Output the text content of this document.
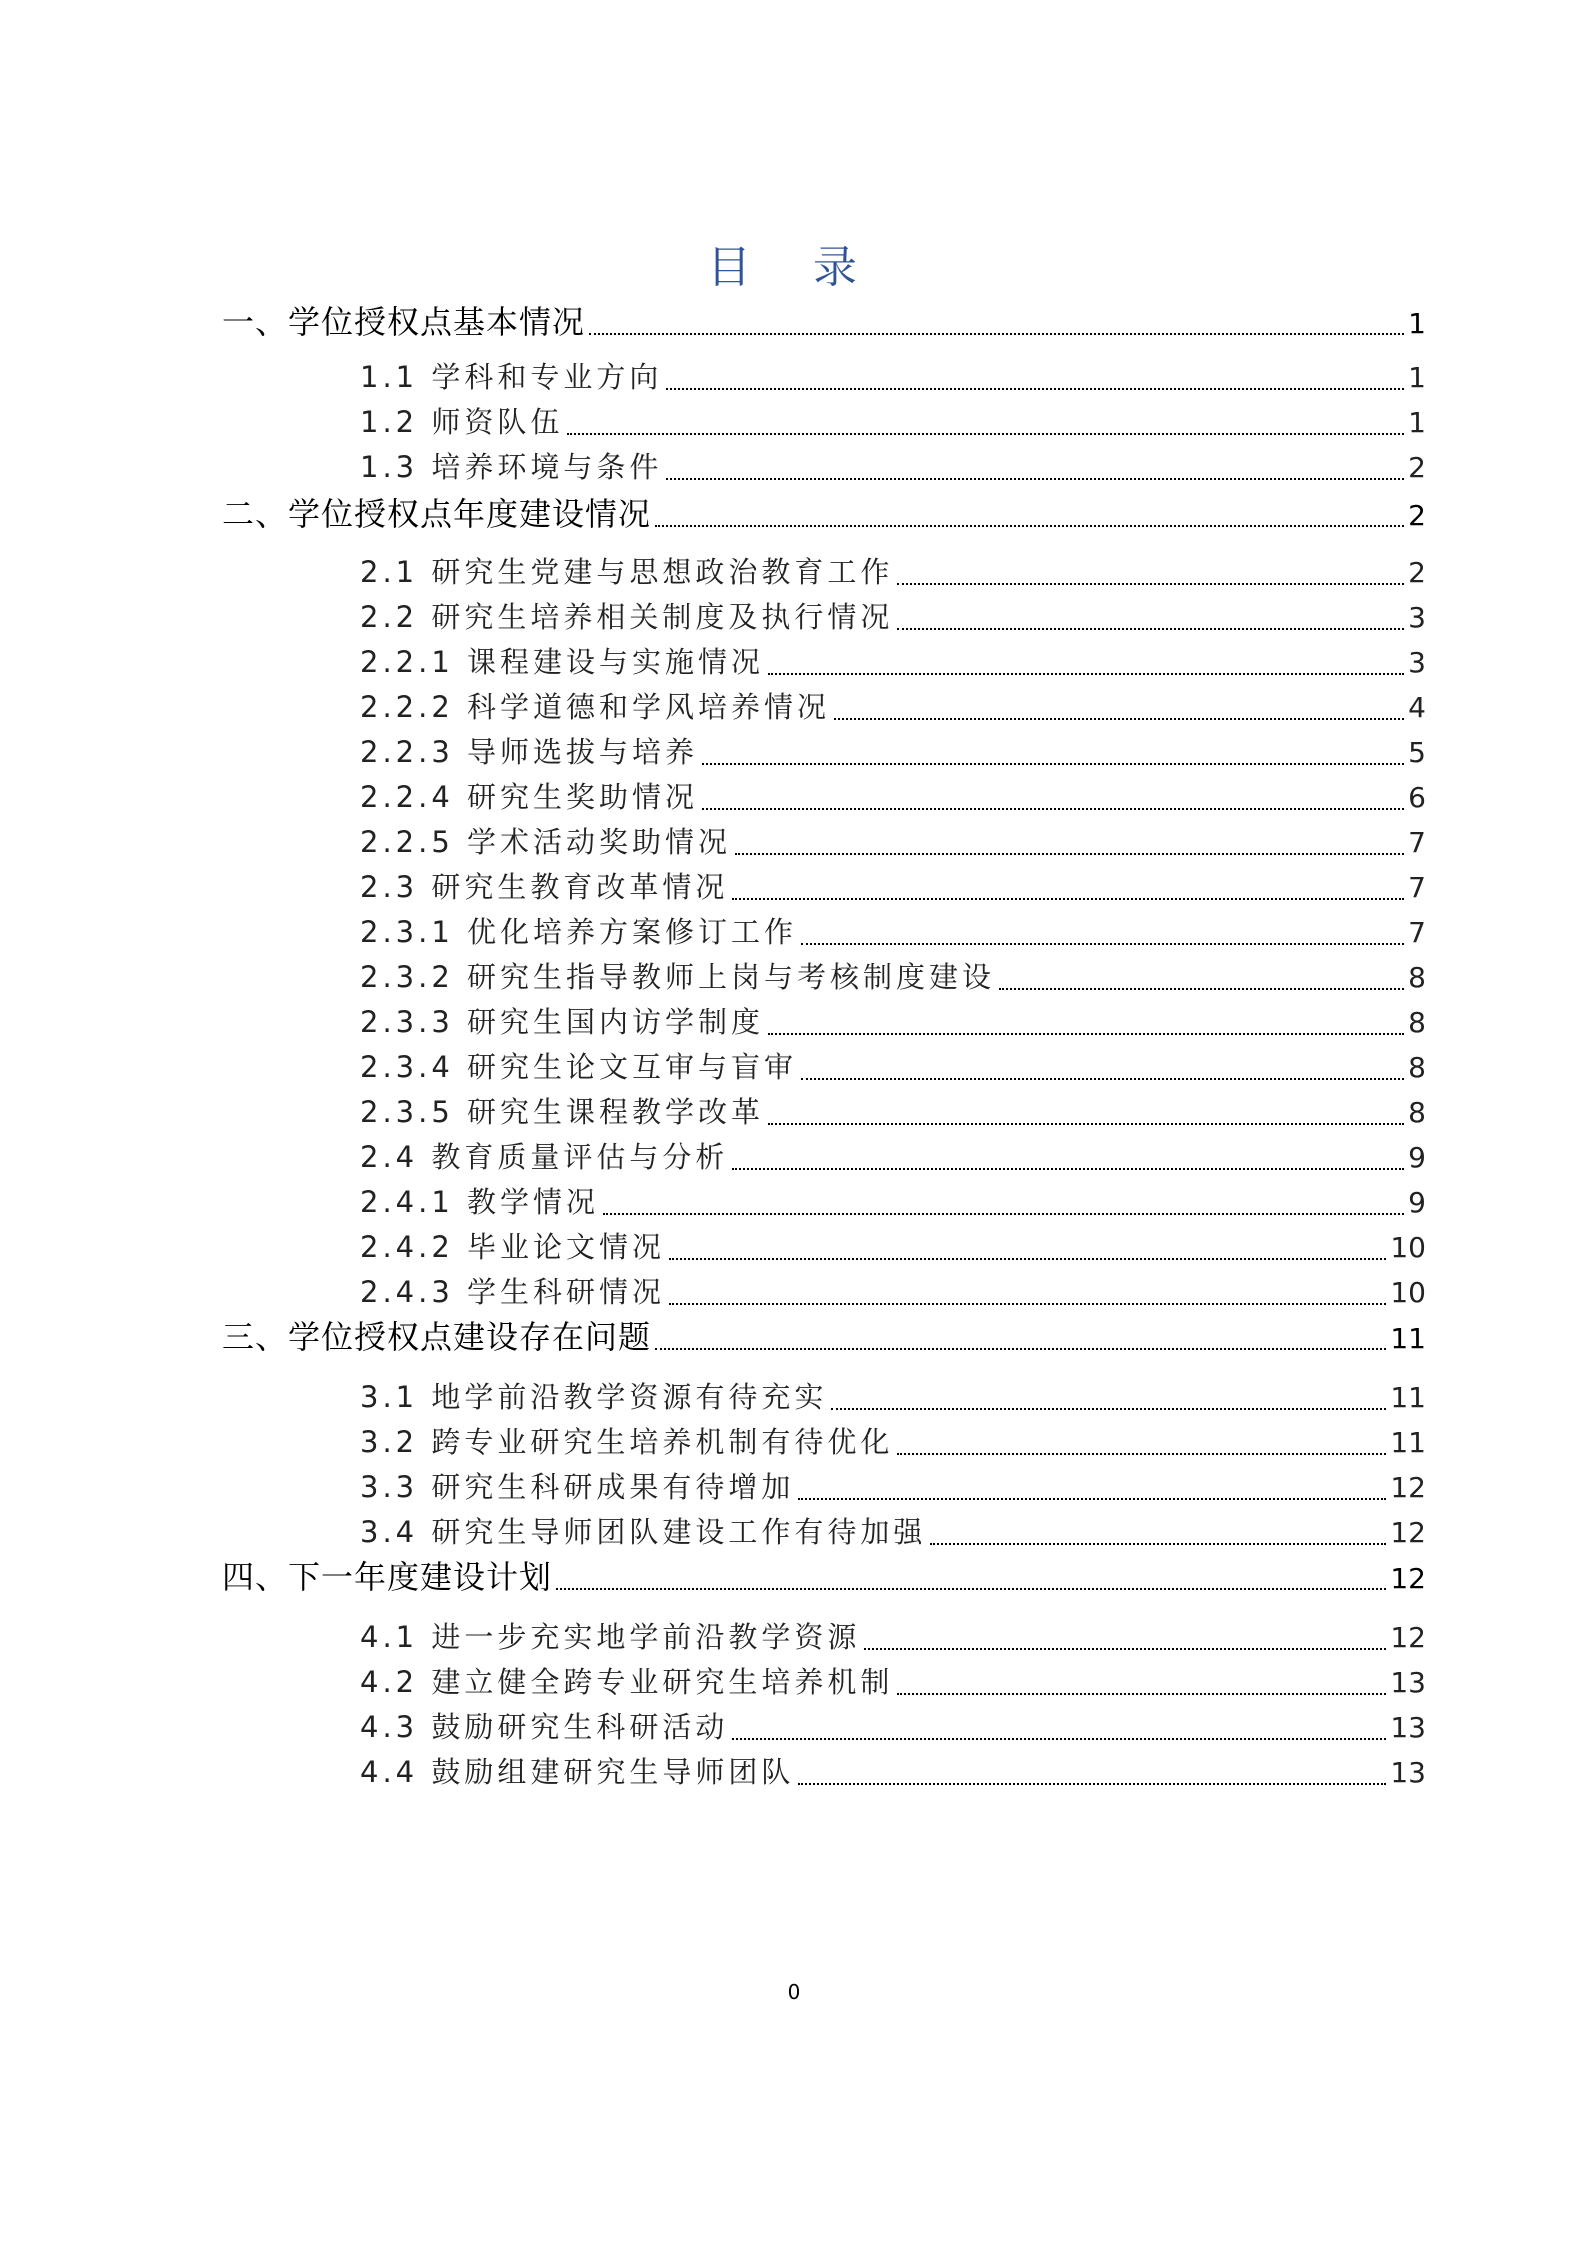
目 录
一、学位授权点基本情况	1
1.1 学科和专业方向	1
1.2 师资队伍	1
1.3 培养环境与条件	2
二、学位授权点年度建设情况	2
2.1 研究生党建与思想政治教育工作	2
2.2 研究生培养相关制度及执行情况	3
2.2.1 课程建设与实施情况	3
2.2.2 科学道德和学风培养情况	4
2.2.3 导师选拔与培养	5
2.2.4 研究生奖助情况	6
2.2.5 学术活动奖助情况	7
2.3 研究生教育改革情况	7
2.3.1 优化培养方案修订工作	7
2.3.2 研究生指导教师上岗与考核制度建设	8
2.3.3 研究生国内访学制度	8
2.3.4 研究生论文互审与盲审	8
2.3.5 研究生课程教学改革	8
2.4 教育质量评估与分析	9
2.4.1 教学情况	9
2.4.2 毕业论文情况	10
2.4.3 学生科研情况	10
三、学位授权点建设存在问题	11
3.1 地学前沿教学资源有待充实	11
3.2 跨专业研究生培养机制有待优化	11
3.3 研究生科研成果有待增加	12
3.4 研究生导师团队建设工作有待加强	12
四、下一年度建设计划	12
4.1 进一步充实地学前沿教学资源	12
4.2 建立健全跨专业研究生培养机制	13
4.3 鼓励研究生科研活动	13
4.4 鼓励组建研究生导师团队	13
0
